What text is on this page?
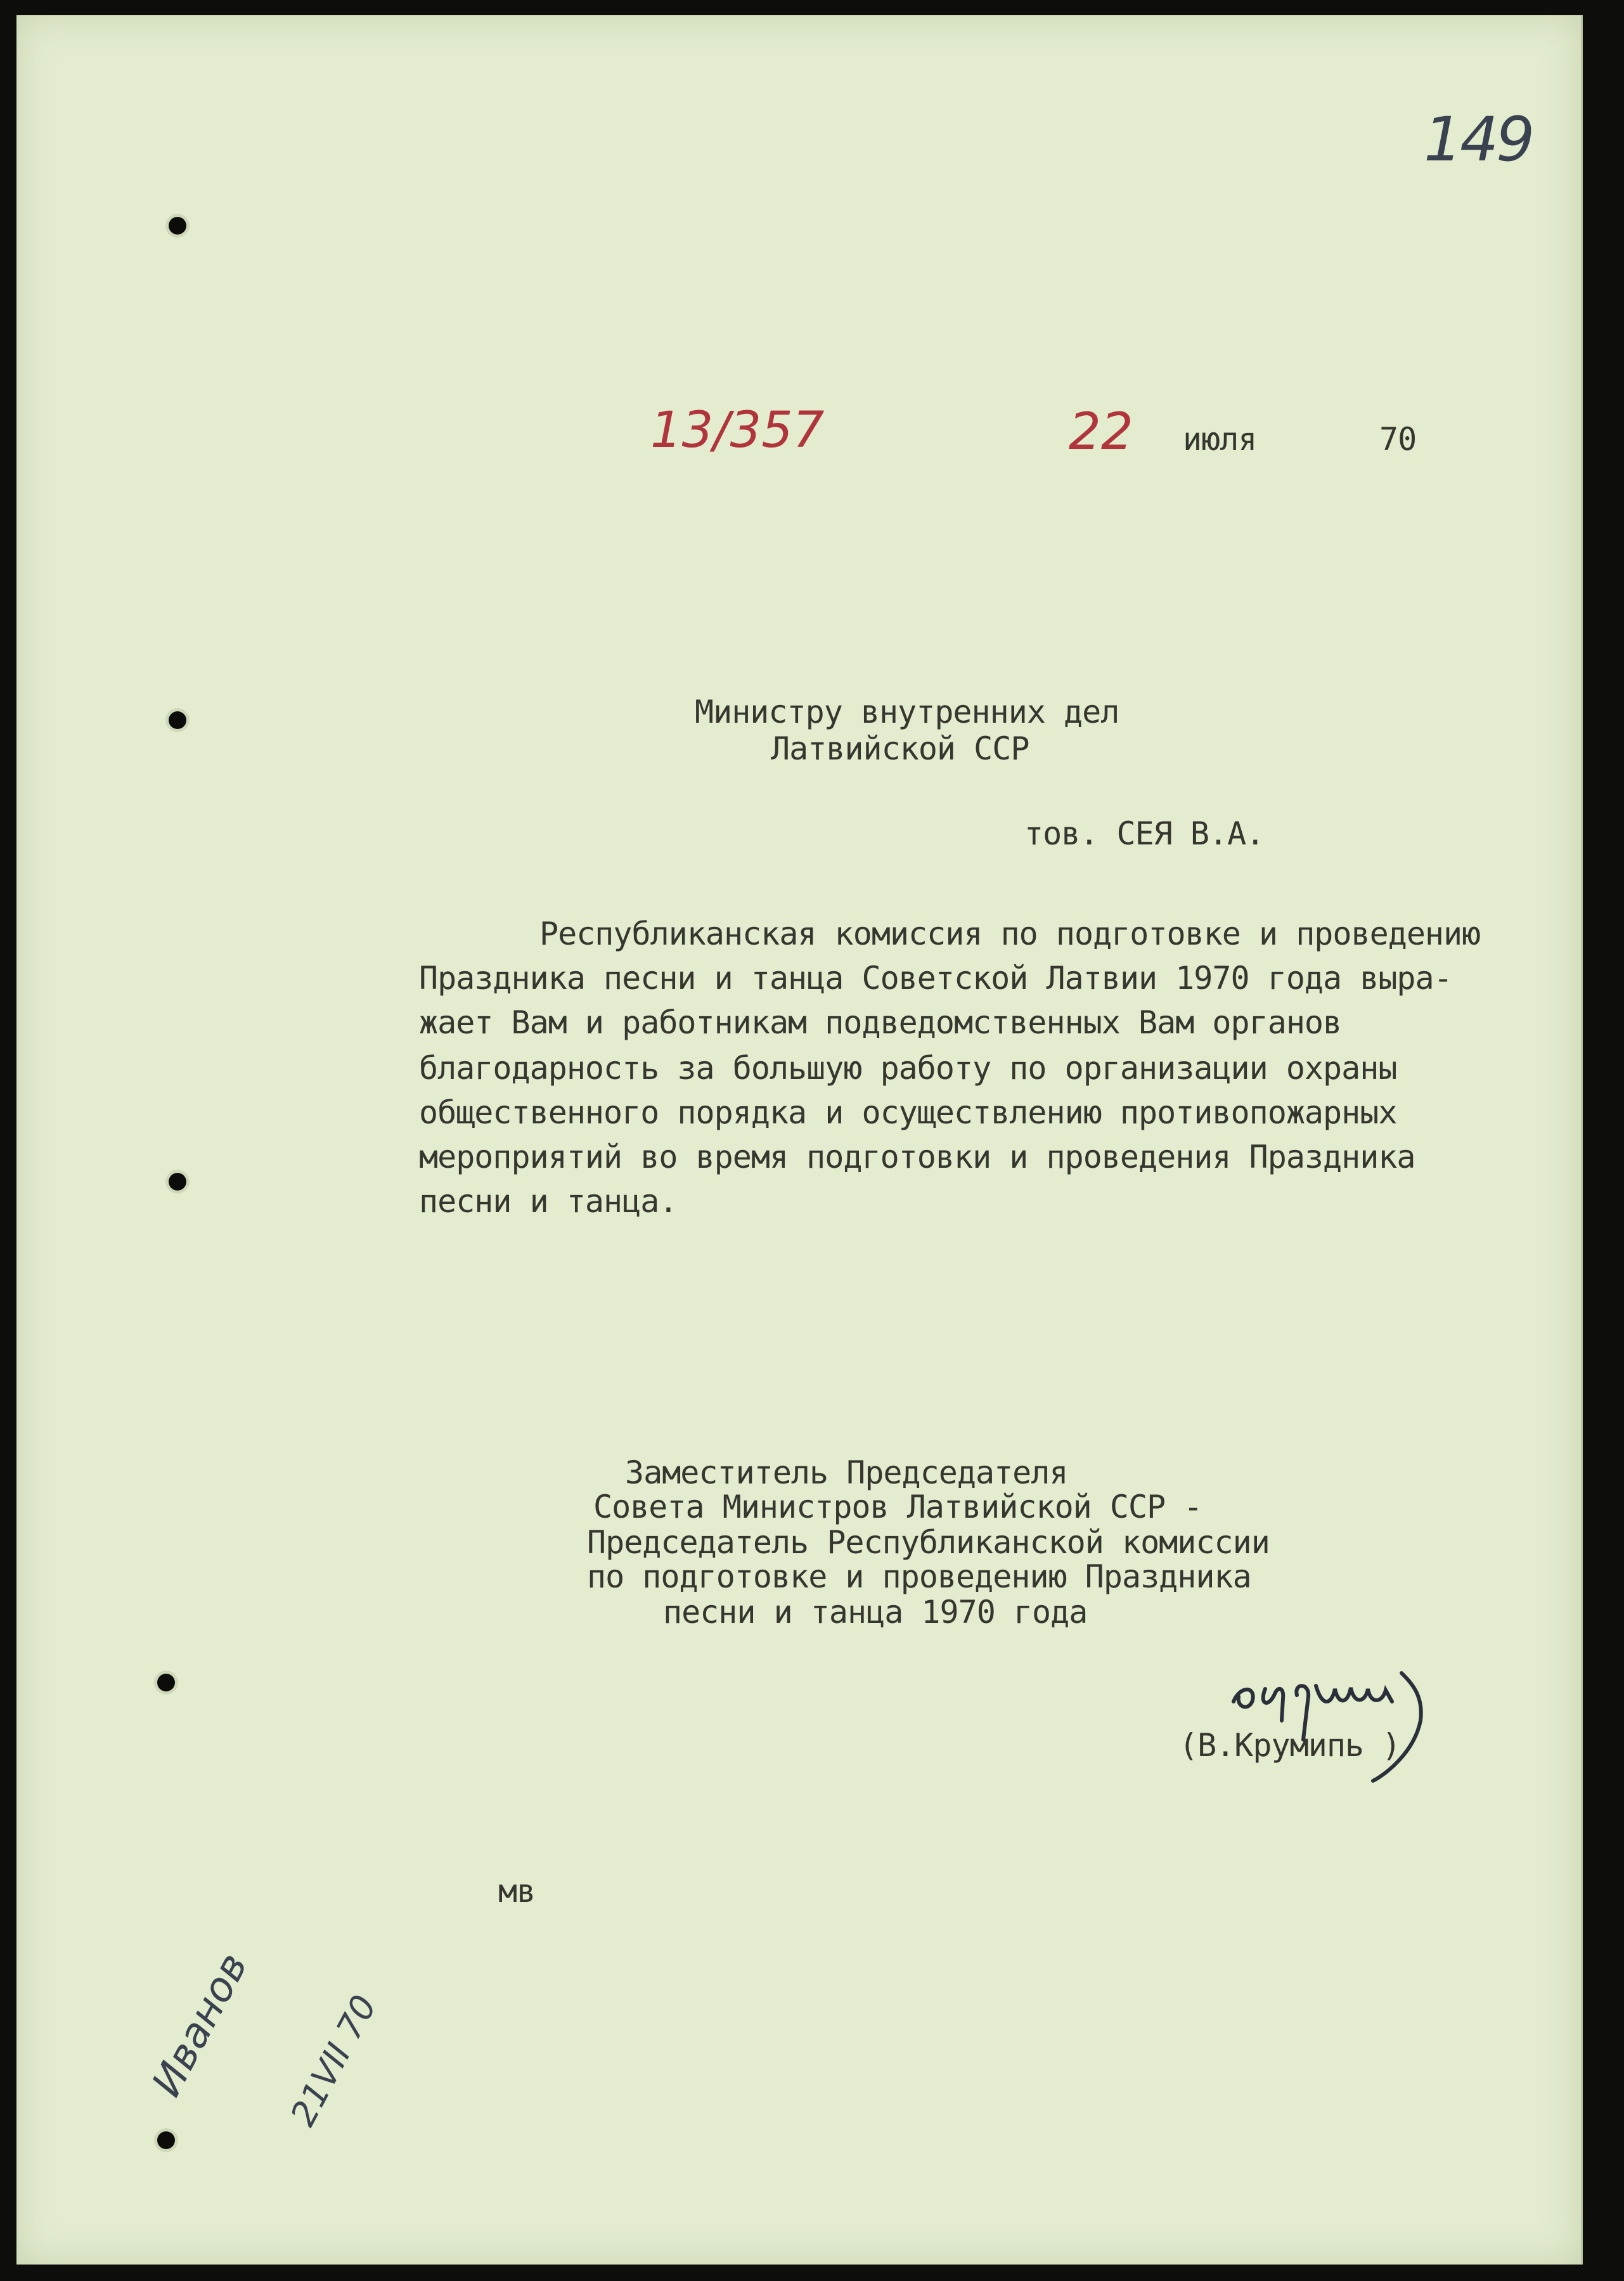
149
13/357	22 июля	70
Министру внутренних дел
Латвийской ССР
тов. СЕЯ В.А.
Республиканская комиссия по подготовке и проведению
Праздника песни и танца Советской Латвии 1970 года выра-
жает Вам и работникам подведомственных Вам органов
благодарность за большую работу по организации охраны
общественного порядка и осуществлению противопожарных
мероприятий во время подготовки и проведения Праздника
песни и танца.
Заместитель Председателя
Совета Министров Латвийской ССР -
Председатель Республиканской комиссии
по подготовке и проведению Праздника
песни и танца 1970 года
(В.Крумипь )
мв
Иванов 21VII 70
